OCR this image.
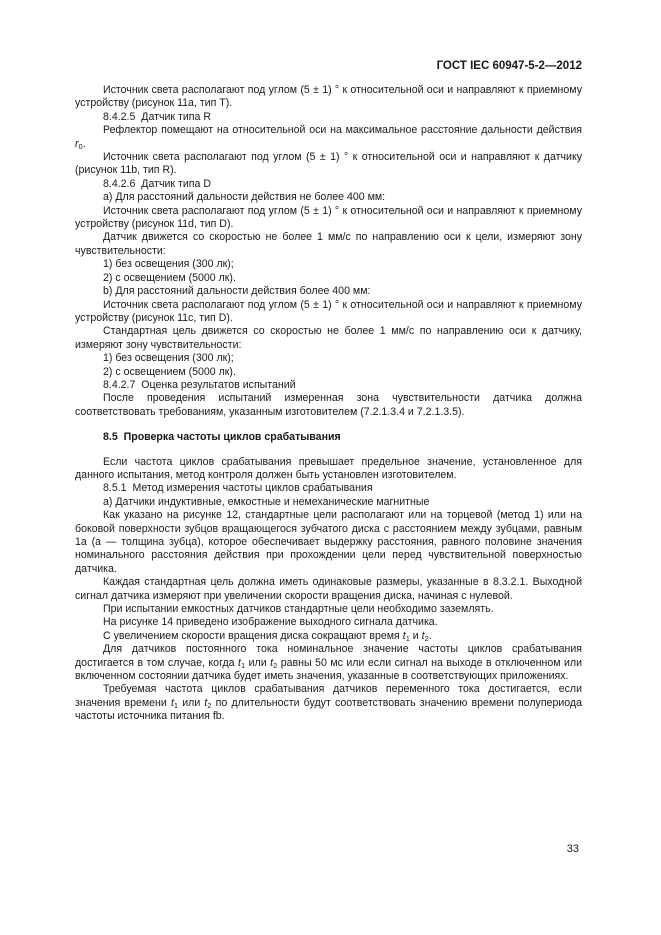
ГОСТ IEC 60947-5-2—2012

Источник света располагают под углом (5 ± 1) ° к относительной оси и направляют к приемному устройству (рисунок 11a, тип T).

8.4.2.5  Датчик типа R

Рефлектор помещают на относительной оси на максимальное расстояние дальности действия $r_0$.

Источник света располагают под углом (5 ± 1) ° к относительной оси и направляют к датчику (рисунок 11b, тип R).

8.4.2.6  Датчик типа D

а) Для расстояний дальности действия не более 400 мм:

Источник света располагают под углом (5 ± 1) ° к относительной оси и направляют к приемному устройству (рисунок 11d, тип D).

Датчик движется со скоростью не более 1 мм/с по направлению оси к цели, измеряют зону чувствительности:

1) без освещения (300 лк);

2) с освещением (5000 лк).

b) Для расстояний дальности действия более 400 мм:

Источник света располагают под углом (5 ± 1) ° к относительной оси и направляют к приемному устройству (рисунок 11c, тип D).

Стандартная цель движется со скоростью не более 1 мм/с по направлению оси к датчику, измеряют зону чувствительности:

1) без освещения (300 лк);

2) с освещением (5000 лк).

8.4.2.7  Оценка результатов испытаний

После проведения испытаний измеренная зона чувствительности датчика должна соответствовать требованиям, указанным изготовителем (7.2.1.3.4 и 7.2.1.3.5).

8.5  Проверка частоты циклов срабатывания

Если частота циклов срабатывания превышает предельное значение, установленное для данного испытания, метод контроля должен быть установлен изготовителем.

8.5.1  Метод измерения частоты циклов срабатывания

а) Датчики индуктивные, емкостные и немеханические магнитные

Как указано на рисунке 12, стандартные цели располагают или на торцевой (метод 1) или на боковой поверхности зубцов вращающегося зубчатого диска с расстоянием между зубцами, равным 1а (а — толщина зубца), которое обеспечивает выдержку расстояния, равного половине значения номинального расстояния действия при прохождении цели перед чувствительной поверхностью датчика.

Каждая стандартная цель должна иметь одинаковые размеры, указанные в 8.3.2.1. Выходной сигнал датчика измеряют при увеличении скорости вращения диска, начиная с нулевой.

При испытании емкостных датчиков стандартные цели необходимо заземлять.

На рисунке 14 приведено изображение выходного сигнала датчика.

С увеличением скорости вращения диска сокращают время $t_1$ и $t_2$.

Для датчиков постоянного тока номинальное значение частоты циклов срабатывания достигается в том случае, когда $t_1$ или $t_2$ равны 50 мс или если сигнал на выходе в отключенном или включенном состоянии датчика будет иметь значения, указанные в соответствующих приложениях.

Требуемая частота циклов срабатывания датчиков переменного тока достигается, если значения времени $t_1$ или $t_2$ по длительности будут соответствовать значению времени полупериода частоты источника питания fb.

33
